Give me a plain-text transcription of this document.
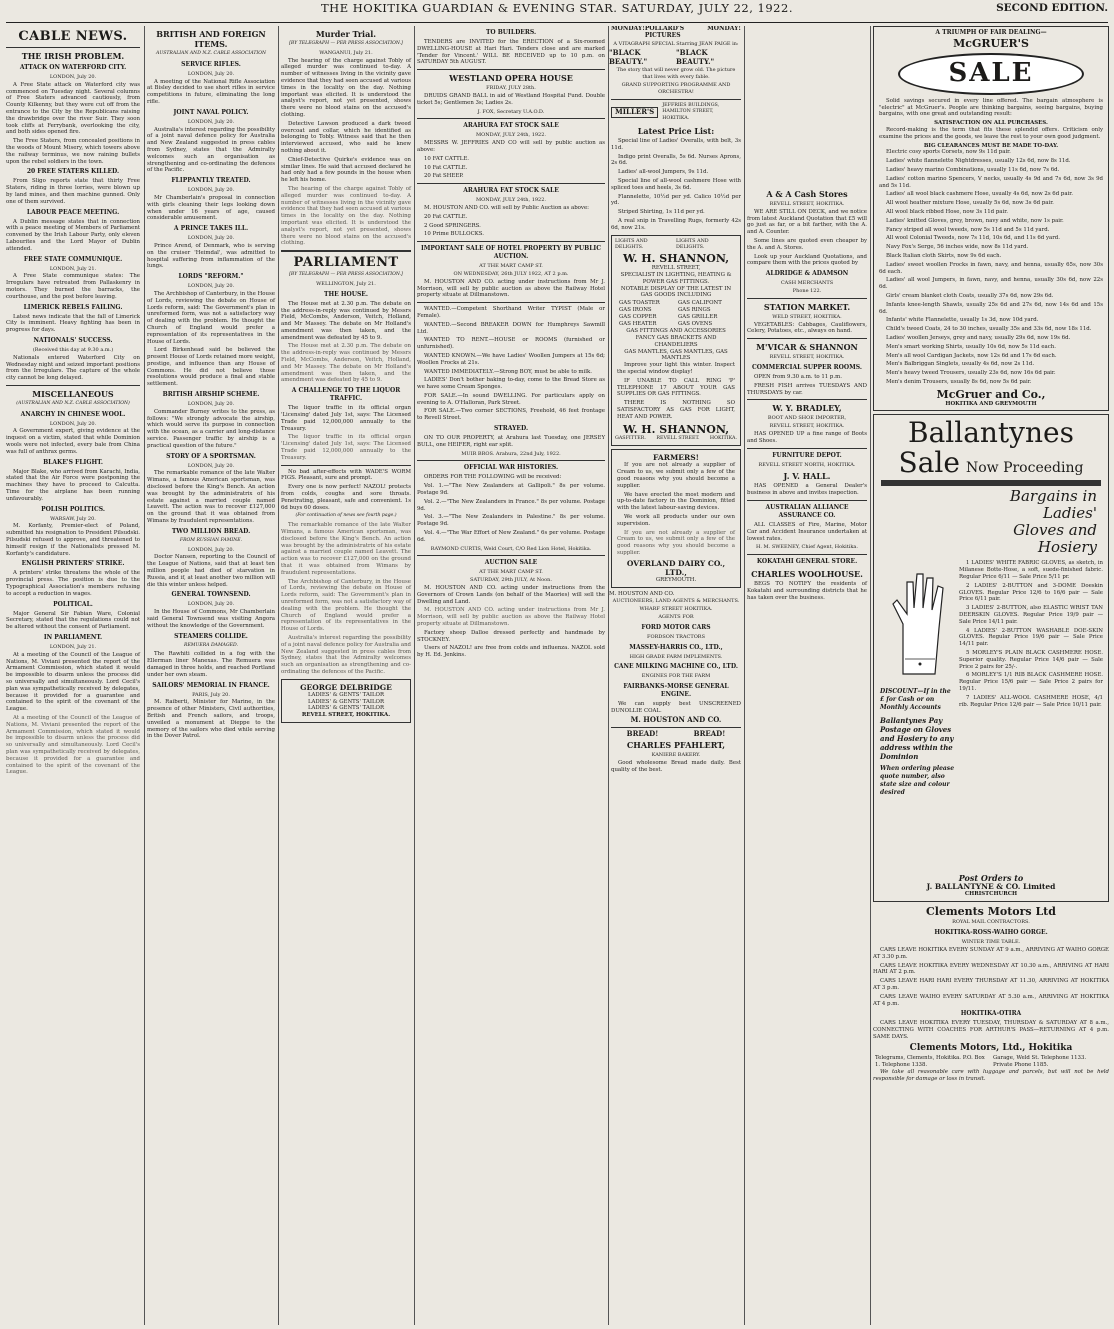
THE HOKITIKA GUARDIAN & EVENING STAR. SATURDAY, JULY 22, 1922.	SECOND EDITION.
CABLE NEWS.
THE IRISH PROBLEM.
ATTACK ON WATERFORD CITY.
LONDON, July 20.
A Free State attack on Waterford city was commenced on Tuesday night. Several columns of Free Staters advanced cautiously, from County Kilkenny, but they were cut off from the entrance to the City by the Republicans raising the drawbridge over the river Suir. They soon took cliffs at Ferrybank, overlooking the city, and both sides opened fire.
The Free Staters, from concealed positions in the woods of Mount Misery, which towers above the railway terminus, we now raining bullets upon the rebel soldiers in the town.
20 FREE STATERS KILLED.
From Sligo reports state that thirty Free Staters, riding in three lorries, were blown up by land mines, and then machine gunned. Only one of them survived.
LABOUR PEACE MEETING.
A Dublin message states that in connection with a peace meeting of Members of Parliament convened by the Irish Labour Party, only eleven Labourites and the Lord Mayor of Dublin attended.
FREE STATE COMMUNIQUE.
LONDON, July 21.
A Free State communique states: The Irregulars have retreated from Pallaskenry in motors. They burned the barracks, the courthouse, and the post before leaving.
LIMERICK REBELS FAILING.
Latest news indicate that the fall of Limerick City is imminent. Heavy fighting has been in progress for days.
NATIONALS' SUCCESS.
(Received this day at 9.30 a.m.)
Nationals entered Waterford City on Wednesday night and seized important positions from the Irregulars. The capture of the whole city cannot be long delayed.
MISCELLANEOUS
(AUSTRALIAN AND N.Z. CABLE ASSOCIATION)
ANARCHY IN CHINESE WOOL.
LONDON, July 20.
A Government expert, giving evidence at the inquest on a victim, stated that while Dominion wools were not infected, every bale from China was full of anthrax germs.
BLAKE'S FLIGHT.
Major Blake, who arrived from Karachi, India, stated that the Air Force were postponing the machines they have to proceed to Calcutta. Time for the airplane has been running unfavourably.
POLISH POLITICS.
WARSAW, July 20.
M. Korfanty, Premier-elect of Poland, submitted his resignation to President Pilsudski. Pilsudski refused to approve, and threatened to himself resign if the Nationalists pressed M. Korfanty's candidature.
ENGLISH PRINTERS' STRIKE.
A printers' strike threatens the whole of the provincial press. The position is due to the Typographical Association's members refusing to accept a reduction in wages.
POLITICAL.
Major General Sir Fabian Ware, Colonial Secretary, stated that the regulations could not be altered without the consent of Parliament.
IN PARLIAMENT.
LONDON, July 21.
At a meeting of the Council of the League of Nations, M. Viviani presented the report of the Armament Commission, which stated it would be impossible to disarm unless the process did so universally and simultaneously. Lord Cecil's plan was sympathetically received by delegates, because it provided for a guarantee and contained to the spirit of the covenant of the League.
At a meeting of the Council of the League of Nations, M. Viviani presented the report of the Armament Commission, which stated it would be impossible to disarm unless the process did so universally and simultaneously. Lord Cecil's plan was sympathetically received by delegates, because it provided for a guarantee and contained to the spirit of the covenant of the League.
BRITISH AND FOREIGN ITEMS.
AUSTRALIAN AND N.Z. CABLE ASSOCIATION
SERVICE RIFLES.
LONDON, July 20.
A meeting of the National Rifle Association at Bisley decided to use short rifles in service competitions in future, eliminating the long rifle.
JOINT NAVAL POLICY.
LONDON, July 20.
Australia's interest regarding the possibility of a joint naval defence policy for Australia and New Zealand suggested in press cables from Sydney, states that the Admiralty welcomes such an organisation as strengthening and co-ordinating the defences of the Pacific.
FLIPPANTLY TREATED.
LONDON, July 20.
Mr Chamberlain's proposal in connection with girls cleaning their legs looking down when under 16 years of age, caused considerable amusement.
A PRINCE TAKES ILL.
LONDON, July 20.
Prince Arend, of Denmark, who is serving on the cruiser 'Heimdal', was admitted to hospital suffering from inflammation of the lungs.
LORDS "REFORM."
LONDON, July 20.
The Archbishop of Canterbury, in the House of Lords, reviewing the debate on House of Lords reform, said: The Government's plan in unreformed form, was not a satisfactory way of dealing with the problem. He thought the Church of England would prefer a representation of its representatives in the House of Lords.
Lord Birkenhead said he believed the present House of Lords retained more weight, prestige, and influence than any House of Commons. He did not believe those resolutions would produce a final and stable settlement.
BRITISH AIRSHIP SCHEME.
LONDON, July 20.
Commander Burney writes to the press, as follows: "We strongly advocate the airship, which would serve its purpose in connection with the ocean, as a carrier and long-distance service. Passenger traffic by airship is a practical question of the future."
STORY OF A SPORTSMAN.
LONDON, July 20.
The remarkable romance of the late Walter Wimans, a famous American sportsman, was disclosed before the King's Bench. An action was brought by the administratrix of his estate against a married couple named Leavett. The action was to recover £127,000 on the ground that it was obtained from Wimans by fraudulent representations.
TWO MILLION BREAD.
FROM RUSSIAN FAMINE.
LONDON, July 20.
Doctor Nansen, reporting to the Council of the League of Nations, said that at least ten million people had died of starvation in Russia, and if, at least another two million will die this winter unless helped.
GENERAL TOWNSEND.
LONDON, July 20.
In the House of Commons, Mr Chamberlain said General Townsend was visiting Angora without the knowledge of the Government.
STEAMERS COLLIDE.
REMUERA DAMAGED.
The Rawhiti collided in a fog with the Ellerman liner Manexas. The Remuera was damaged in three holds, and reached Portland under her own steam.
SAILORS' MEMORIAL IN FRANCE.
PARIS, July 20.
M. Raiberti, Minister for Marine, in the presence of other Ministers, Civil authorities, British and French sailors, and troops, unveiled a monument at Dieppe to the memory of the sailors who died while serving in the Dover Patrol.
Murder Trial.
[BY TELEGRAPH — PER PRESS ASSOCIATION.]
WANGANUI, July 21.
The hearing of the charge against Tobly of alleged murder was continued to-day. A number of witnesses living in the vicinity gave evidence that they had seen accused at various times in the locality on the day. Nothing important was elicited. It is understood the analyst's report, not yet presented, shows there were no blood stains on the accused's clothing.
Detective Lawson produced a dark tweed overcoat and collar, which he identified as belonging to Tobly. Witness said that he then interviewed accused, who said he knew nothing about it.
Chief-Detective Quirke's evidence was on similar lines. He said that accused declared he had only had a few pounds in the house when he left his home.
The hearing of the charge against Tobly of alleged murder was continued to-day. A number of witnesses living in the vicinity gave evidence that they had seen accused at various times in the locality on the day. Nothing important was elicited. It is understood the analyst's report, not yet presented, shows there were no blood stains on the accused's clothing.
PARLIAMENT
[BY TELEGRAPH — PER PRESS ASSOCIATION.]
WELLINGTON, July 21.
THE HOUSE.
The House met at 2.30 p.m. The debate on the address-in-reply was continued by Messrs Field, McCombs, Anderson, Veitch, Holland, and Mr Massey. The debate on Mr Holland's amendment was then taken, and the amendment was defeated by 45 to 9.
The House met at 2.30 p.m. The debate on the address-in-reply was continued by Messrs Field, McCombs, Anderson, Veitch, Holland, and Mr Massey. The debate on Mr Holland's amendment was then taken, and the amendment was defeated by 45 to 9.
A CHALLENGE TO THE LIQUOR TRAFFIC.
The liquor traffic in its official organ 'Licensing' dated July 1st, says: The Licensed Trade paid 12,000,000 annually to the Treasury.
The liquor traffic in its official organ 'Licensing' dated July 1st, says: The Licensed Trade paid 12,000,000 annually to the Treasury.
No bad after-effects with WADE'S WORM FIGS. Pleasant, sure and prompt.
Every one is now perfect! NAZOL! protects from colds, coughs and sore throats. Penetrating, pleasant, safe and convenient. 1s 6d buys 60 doses.
(For continuation of news see fourth page.)
The remarkable romance of the late Walter Wimans, a famous American sportsman, was disclosed before the King's Bench. An action was brought by the administratrix of his estate against a married couple named Leavett. The action was to recover £127,000 on the ground that it was obtained from Wimans by fraudulent representations.
The Archbishop of Canterbury, in the House of Lords, reviewing the debate on House of Lords reform, said: The Government's plan in unreformed form, was not a satisfactory way of dealing with the problem. He thought the Church of England would prefer a representation of its representatives in the House of Lords.
Australia's interest regarding the possibility of a joint naval defence policy for Australia and New Zealand suggested in press cables from Sydney, states that the Admiralty welcomes such an organisation as strengthening and co-ordinating the defences of the Pacific.
GEORGE DELBRIDGE
LADIES' & GENTS' TAILOR
LADIES' & GENTS' TAILOR
LADIES' & GENTS' TAILOR
REVELL STREET, HOKITIKA.
TO BUILDERS.
TENDERS are INVITED for the ERECTION of a Six-roomed DWELLING-HOUSE at Hari Hari. Tenders close and are marked 'Tender for Vincent.' WILL BE RECEIVED up to 10 p.m. on SATURDAY 5th AUGUST.
WESTLAND OPERA HOUSE
FRIDAY, JULY 28th.
DRUIDS GRAND BALL in aid of Westland Hospital Fund. Double ticket 5s; Gentlemen 3s; Ladies 2s.
J. FOX, Secretary U.A.O.D.
ARAHURA FAT STOCK SALE
MONDAY, JULY 24th, 1922.
MESSRS W. JEFFRIES AND CO will sell by public auction as above:
10 FAT CATTLE.
10 Fat CATTLE.
20 Fat SHEEP.
ARAHURA FAT STOCK SALE
MONDAY, JULY 24th, 1922.
M. HOUSTON AND CO. will sell by Public Auction as above:
20 Fat CATTLE.
2 Good SPRINGERS.
10 Prime BULLOCKS.
IMPORTANT SALE OF HOTEL PROPERTY BY PUBLIC AUCTION.
AT THE MART CAMP ST.
ON WEDNESDAY, 26th JULY 1922, AT 2 p.m.
M. HOUSTON AND CO. acting under instructions from Mr J. Morrison, will sell by public auction as above the Railway Hotel property situate at Dillmanstown.
WANTED.—Competent Shorthand Writer TYPIST (Male or Female).
WANTED.—Second BREAKER DOWN for Humphreys Sawmill Ltd.
WANTED TO RENT.—HOUSE or ROOMS (furnished or unfurnished).
WANTED KNOWN.—We have Ladies' Woollen Jumpers at 15s 6d; Woollen Frocks at 21s.
WANTED IMMEDIATELY.—Strong BOY, must be able to milk.
LADIES' Don't bother baking to-day, come to the Bread Store as we have some Cream Sponges.
FOR SALE.—In sound DWELLING. For particulars apply on evening to A. O'Halloran, Park Street.
FOR SALE.—Two corner SECTIONS, Freehold, 46 feet frontage to Revell Street.
STRAYED.
ON TO OUR PROPERTY, at Arahura last Tuesday, one JERSEY BULL, one HEIFER, right ear split.
MUIR BROS. Arahura, 22nd July, 1922.
OFFICIAL WAR HISTORIES.
ORDERS FOR THE FOLLOWING will be received:
Vol. 1.—"The New Zealanders at Gallipoli." 8s per volume. Postage 9d.
Vol. 2.—"The New Zealanders in France." 8s per volume. Postage 9d.
Vol. 3.—"The New Zealanders in Palestine." 8s per volume. Postage 9d.
Vol. 4.—"The War Effort of New Zealand." 6s per volume. Postage 6d.
RAYMOND CURTIS, Weld Court, C/O Red Lion Hotel, Hokitika.
AUCTION SALE
AT THE MART CAMP ST.
SATURDAY, 29th JULY, At Noon.
M. HOUSTON AND CO. acting under instructions from the Governors of Crown Lands (on behalf of the Maories) will sell the Dwelling and Land.
M. HOUSTON AND CO. acting under instructions from Mr J. Morrison, will sell by public auction as above the Railway Hotel property situate at Dillmanstown.
Factory sheep Dalloe dressed perfectly and handmade by STOCKNEY.
Users of NAZOL! are free from colds and influenza. NAZOL sold by H. Ed. Jenkins.
MONDAY! POLLARD'S PICTURES
MONDAY!
A VITAGRAPH SPECIAL Starring JEAN PAIGE in:
"BLACK BEAUTY."
"BLACK BEAUTY."
The story that will never grow old. The picture that lives with every fable.
GRAND SUPPORTING PROGRAMME AND ORCHESTRA!
MILLER'S
JEFFRIES BUILDINGS, HAMILTON STREET, HOKITIKA.
Latest Price List:
Special line of Ladies' Overalls, with belt, 3s 11d.
Indigo print Overalls, 5s 6d. Nurses Aprons, 2s 6d.
Ladies' all-wool Jumpers, 9s 11d.
Special line of all-wool cashmere Hose with spliced toes and heels, 3s 6d.
Flannelette, 10½d per yd. Calico 10½d per yd.
Striped Shirting, 1s 11d per yd.
A real snip in Travelling Rugs, formerly 42s 6d, now 21s.
LIGHTS AND DELIGHTS.
LIGHTS AND DELIGHTS.
W. H. SHANNON,
REVELL STREET,
SPECIALIST IN LIGHTING, HEATING & POWER GAS FITTINGS.
NOTABLE DISPLAY OF THE LATEST IN GAS GOODS INCLUDING
GAS TOASTER	GAS CALIFONT
GAS IRONS	GAS RINGS
GAS COPPER	GAS GRILLER
GAS HEATER	GAS OVENS
GAS FITTINGS AND ACCESSORIES
FANCY GAS BRACKETS AND CHANDELIERS
GAS MANTLES, GAS MANTLES, GAS MANTLES
Improve your light this winter. Inspect the special window display!
IF UNABLE TO CALL RING 'P' TELEPHONE 17 ABOUT YOUR GAS SUPPLIES OR GAS FITTINGS.
THERE IS NOTHING SO SATISFACTORY AS GAS FOR LIGHT, HEAT AND POWER.
W. H. SHANNON,
GASFITTER. REVELL STREET. HOKITIKA.
FARMERS!
If you are not already a supplier of Cream to us, we submit only a few of the good reasons why you should become a supplier.
We have erected the most modern and up-to-date factory in the Dominion, fitted with the latest labour-saving devices.
We work all products under our own supervision.
If you are not already a supplier of Cream to us, we submit only a few of the good reasons why you should become a supplier.
OVERLAND DAIRY CO., LTD.,
GREYMOUTH.
M. HOUSTON AND CO.
AUCTIONEERS, LAND AGENTS & MERCHANTS.
WHARF STREET HOKITIKA.
AGENTS FOR
FORD MOTOR CARS
FORDSON TRACTORS
MASSEY-HARRIS CO., LTD.,
HIGH GRADE FARM IMPLEMENTS.
CANE MILKING MACHINE CO., LTD.
ENGINES FOR THE FARM
FAIRBANKS-MORSE GENERAL ENGINE.
We can supply best UNSCREENED DUNOLLIE COAL.
M. HOUSTON AND CO.
BREAD!	BREAD!
CHARLES PFAHLERT,
KANIERE BAKERY.
Good wholesome Bread made daily. Best quality of the best.
A & A Cash Stores
REVELL STREET, HOKITIKA.
WE ARE STILL ON DECK, and we notice from latest Auckland Quotation that £5 will go just as far, or a bit farther, with the A. and A. Counter.
Some lines are quoted even cheaper by the A. and A. Stores.
Look up your Auckland Quotations, and compare them with the prices quoted by
ALDRIDGE & ADAMSON
CASH MERCHANTS
Phone 122.
STATION MARKET.
WELD STREET, HOKITIKA.
VEGETABLES: Cabbages, Cauliflowers, Celery, Potatoes, etc., always on hand.
M'VICAR & SHANNON
REVELL STREET, HOKITIKA.
COMMERCIAL SUPPER ROOMS.
OPEN from 9.30 a.m. to 11 p.m.
FRESH FISH arrives TUESDAYS AND THURSDAYS by car.
W. Y. BRADLEY,
BOOT AND SHOE IMPORTER,
REVELL STREET, HOKITIKA.
HAS OPENED UP a fine range of Boots and Shoes.
FURNITURE DEPOT.
REVELL STREET NORTH, HOKITIKA.
J. V. HALL.
HAS OPENED a General Dealer's business in above and invites inspection.
AUSTRALIAN ALLIANCE ASSURANCE CO.
ALL CLASSES of Fire, Marine, Motor Car and Accident Insurance undertaken at lowest rates.
H. M. SWEENEY, Chief Agent, Hokitika.
KOKATAHI GENERAL STORE.
CHARLES WOOLHOUSE.
BEGS TO NOTIFY the residents of Kokatahi and surrounding districts that he has taken over the business.
A TRIUMPH OF FAIR DEALING—
McGRUER'S
SALE
Solid savings secured in every line offered. The bargain atmosphere is "electric" at McGruer's. People are thinking bargains, seeing bargains, buying bargains, with one great and outstanding result:
SATISFACTION ON ALL PURCHASES.
Record-making is the term that fits these splendid offers. Criticism only examine the prices and the goods, we leave the rest to your own good judgment.
BIG CLEARANCES MUST BE MADE TO-DAY.
Electric cosy sports Corsets, now 9s 11d pair.
Ladies' white flannelette Nightdresses, usually 12s 6d, now 8s 11d.
Ladies' heavy marino Combinations, usually 11s 6d, now 7s 6d.
Ladies' cotton marino Spencers, V necks, usually 4s 9d and 7s 6d, now 3s 9d and 5s 11d.
Ladies' all wool black cashmere Hose, usually 4s 6d, now 2s 6d pair.
All wool heather mixture Hose, usually 5s 6d, now 3s 6d pair.
All wool black ribbed Hose, now 3s 11d pair.
Ladies' knitted Gloves, grey, brown, navy and white, now 1s pair.
Fancy striped all wool tweeds, now 5s 11d and 5s 11d yard.
All wool Colonial Tweeds, now 7s 11d, 10s 6d, and 11s 6d yard.
Navy Fox's Serge, 56 inches wide, now 8s 11d yard.
Black Italian cloth Skirts, now 9s 6d each.
Ladies' sweet woollen Frocks in fawn, navy, and henna, usually 65s, now 30s 6d each.
Ladies' all wool Jumpers, in fawn, navy, and henna, usually 30s 6d, now 22s 6d.
Girls' cream blanket cloth Coats, usually 37s 6d, now 29s 6d.
Infants knee-length Shawls, usually 25s 6d and 27s 6d, now 14s 6d and 15s 6d.
Infants' white Flannelette, usually 1s 3d, now 10d yard.
Child's tweed Coats, 24 to 30 inches, usually 35s and 33s 6d, now 18s 11d.
Ladies' woollen Jerseys, grey and navy, usually 29s 6d, now 19s 6d.
Men's smart working Shirts, usually 10s 6d, now 5s 11d each.
Men's all wool Cardigan Jackets, now 12s 6d and 17s 6d each.
Men's Balbriggan Singlets, usually 4s 6d, now 2s 11d.
Men's heavy tweed Trousers, usually 23s 6d, now 16s 6d pair.
Men's denim Trousers, usually 8s 6d, now 5s 6d pair.
McGruer and Co.,
HOKITIKA AND GREYMOUTH
Ballantynes
Sale Now Proceeding
Bargains in
Ladies'
Gloves and
Hosiery
DISCOUNT—If in the £ for Cash or on Monthly Accounts
Ballantynes Pay Postage on Gloves and Hosiery to any address within the Dominion
When ordering please quote number, also state size and colour desired
1 LADIES' WHITE FABRIC GLOVES, as sketch, in Milanese Botte-Hose, a soft, suede-finished fabric. Regular Price 6/11 — Sale Price 5/11 pr.
2 LADIES' 2-BUTTON and 3-DOME Doeskin GLOVES. Regular Price 12/6 to 16/6 pair — Sale Price 6/11 pair.
3 LADIES' 2-BUTTON, also ELASTIC WRIST TAN DEERSKIN GLOVES. Regular Price 19/9 pair — Sale Price 14/11 pair.
4 LADIES' 2-BUTTON WASHABLE DOE-SKIN GLOVES. Regular Price 19/6 pair — Sale Price 14/11 pair.
5 MORLEY'S PLAIN BLACK CASHMERE HOSE. Superior quality. Regular Price 14/6 pair — Sale Price 2 pairs for 25/-.
6 MORLEY'S 1/1 RIB BLACK CASHMERE HOSE. Regular Price 15/6 pair — Sale Price 2 pairs for 19/11.
7 LADIES' ALL-WOOL CASHMERE HOSE, 4/1 rib. Regular Price 12/6 pair — Sale Price 10/11 pair.
Post Orders to
J. BALLANTYNE & CO. Limited
CHRISTCHURCH
Clements Motors Ltd
ROYAL MAIL CONTRACTORS.
HOKITIKA-ROSS-WAIHO GORGE.
WINTER TIME TABLE.
CARS LEAVE HOKITIKA EVERY SUNDAY AT 9 a.m., ARRIVING AT WAIHO GORGE AT 3.30 p.m.
CARS LEAVE HOKITIKA EVERY WEDNESDAY AT 10.30 a.m., ARRIVING AT HARI HARI AT 2 p.m.
CARS LEAVE HARI HARI EVERY THURSDAY AT 11.30, ARRIVING AT HOKITIKA AT 3 p.m.
CARS LEAVE WAIHO EVERY SATURDAY AT 5.30 a.m., ARRIVING AT HOKITIKA AT 4 p.m.
HOKITIKA-OTIRA
CARS LEAVE HOKITIKA EVERY TUESDAY, THURSDAY & SATURDAY AT 8 a.m., CONNECTING WITH COACHES FOR ARTHUR'S PASS—RETURNING AT 4 p.m. SAME DAYS.
Clements Motors, Ltd., Hokitika
Telegrams, Clements, Hokitika. P.O. Box 1. Telephone 1338.
Garage, Weld St. Telephone 1133. Private Phone 1185.
We take all reasonable care with luggage and parcels, but will not be held responsible for damage or loss in transit.
